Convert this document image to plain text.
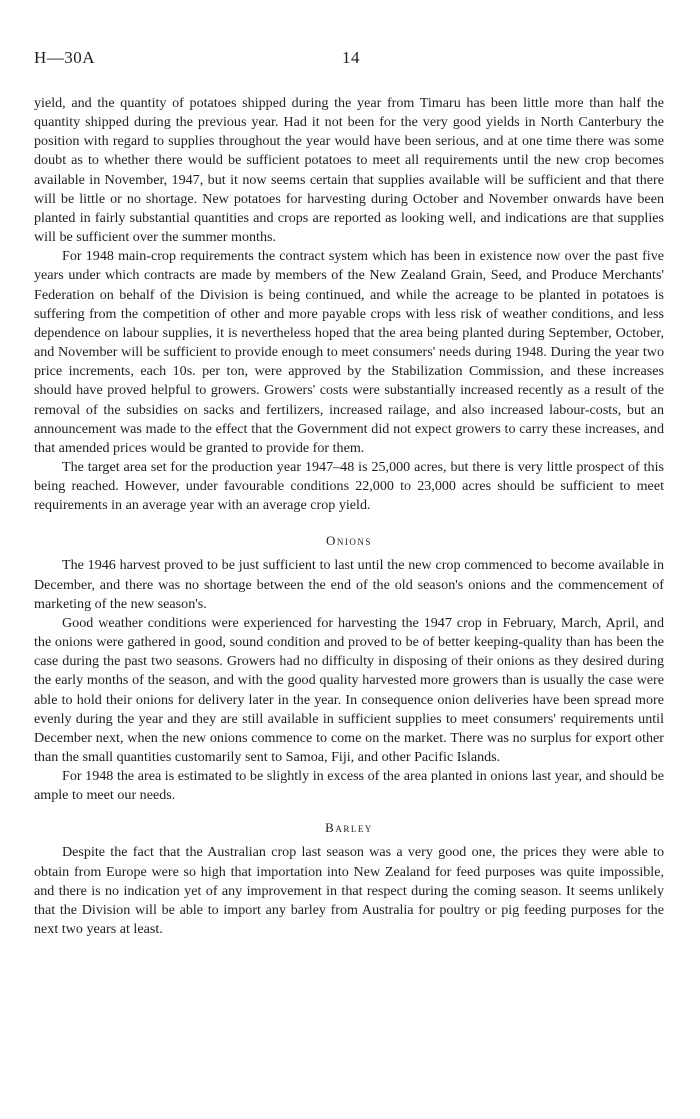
H—30A	14

yield, and the quantity of potatoes shipped during the year from Timaru has been little more than half the quantity shipped during the previous year. Had it not been for the very good yields in North Canterbury the position with regard to supplies throughout the year would have been serious, and at one time there was some doubt as to whether there would be sufficient potatoes to meet all requirements until the new crop becomes available in November, 1947, but it now seems certain that supplies available will be sufficient and that there will be little or no shortage. New potatoes for harvesting during October and November onwards have been planted in fairly substantial quantities and crops are reported as looking well, and indications are that supplies will be sufficient over the summer months.

For 1948 main-crop requirements the contract system which has been in existence now over the past five years under which contracts are made by members of the New Zealand Grain, Seed, and Produce Merchants' Federation on behalf of the Division is being continued, and while the acreage to be planted in potatoes is suffering from the competition of other and more payable crops with less risk of weather conditions, and less dependence on labour supplies, it is nevertheless hoped that the area being planted during September, October, and November will be sufficient to provide enough to meet consumers' needs during 1948. During the year two price increments, each 10s. per ton, were approved by the Stabilization Commission, and these increases should have proved helpful to growers. Growers' costs were substantially increased recently as a result of the removal of the subsidies on sacks and fertilizers, increased railage, and also increased labour-costs, but an announcement was made to the effect that the Government did not expect growers to carry these increases, and that amended prices would be granted to provide for them.

The target area set for the production year 1947–48 is 25,000 acres, but there is very little prospect of this being reached. However, under favourable conditions 22,000 to 23,000 acres should be sufficient to meet requirements in an average year with an average crop yield.

Onions

The 1946 harvest proved to be just sufficient to last until the new crop commenced to become available in December, and there was no shortage between the end of the old season's onions and the commencement of marketing of the new season's.

Good weather conditions were experienced for harvesting the 1947 crop in February, March, April, and the onions were gathered in good, sound condition and proved to be of better keeping-quality than has been the case during the past two seasons. Growers had no difficulty in disposing of their onions as they desired during the early months of the season, and with the good quality harvested more growers than is usually the case were able to hold their onions for delivery later in the year. In consequence onion deliveries have been spread more evenly during the year and they are still available in sufficient supplies to meet consumers' requirements until December next, when the new onions commence to come on the market. There was no surplus for export other than the small quantities customarily sent to Samoa, Fiji, and other Pacific Islands.

For 1948 the area is estimated to be slightly in excess of the area planted in onions last year, and should be ample to meet our needs.

Barley

Despite the fact that the Australian crop last season was a very good one, the prices they were able to obtain from Europe were so high that importation into New Zealand for feed purposes was quite impossible, and there is no indication yet of any improvement in that respect during the coming season. It seems unlikely that the Division will be able to import any barley from Australia for poultry or pig feeding purposes for the next two years at least.
